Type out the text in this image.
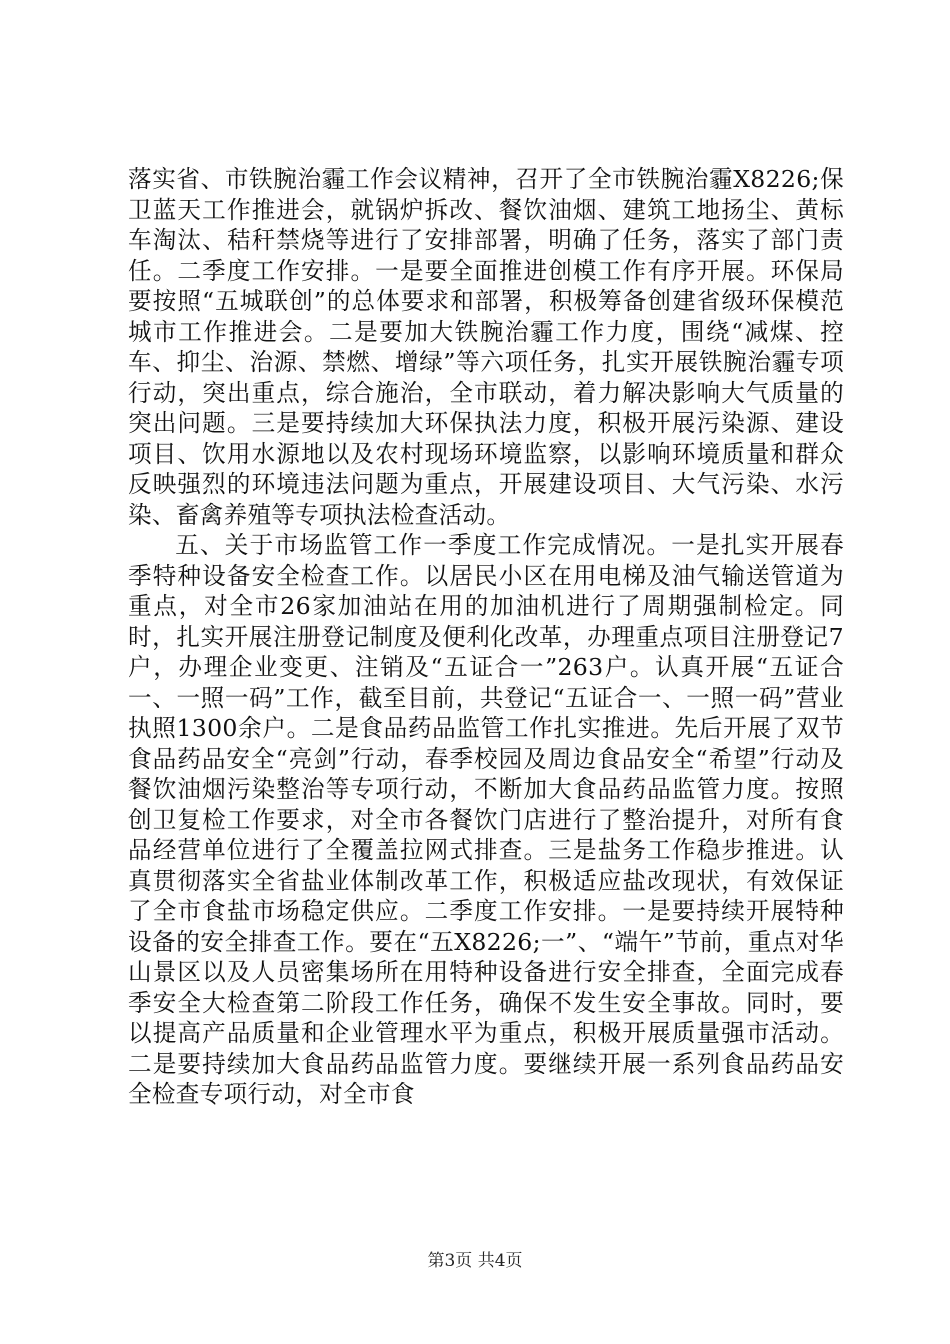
落实省、市铁腕治霾工作会议精神，召开了全市铁腕治霾X8226;保卫蓝天工作推进会，就锅炉拆改、餐饮油烟、建筑工地扬尘、黄标车淘汰、秸秆禁烧等进行了安排部署，明确了任务，落实了部门责任。二季度工作安排。一是要全面推进创模工作有序开展。环保局要按照“五城联创”的总体要求和部署，积极筹备创建省级环保模范城市工作推进会。二是要加大铁腕治霾工作力度，围绕“减煤、控车、抑尘、治源、禁燃、增绿”等六项任务，扎实开展铁腕治霾专项行动，突出重点，综合施治，全市联动，着力解决影响大气质量的突出问题。三是要持续加大环保执法力度，积极开展污染源、建设项目、饮用水源地以及农村现场环境监察，以影响环境质量和群众反映强烈的环境违法问题为重点，开展建设项目、大气污染、水污染、畜禽养殖等专项执法检查活动。

五、关于市场监管工作一季度工作完成情况。一是扎实开展春季特种设备安全检查工作。以居民小区在用电梯及油气输送管道为重点，对全市26家加油站在用的加油机进行了周期强制检定。同时，扎实开展注册登记制度及便利化改革，办理重点项目注册登记7户，办理企业变更、注销及“五证合一”263户。认真开展“五证合一、一照一码”工作，截至目前，共登记“五证合一、一照一码”营业执照1300余户。二是食品药品监管工作扎实推进。先后开展了双节食品药品安全“亮剑”行动，春季校园及周边食品安全“希望”行动及餐饮油烟污染整治等专项行动，不断加大食品药品监管力度。按照创卫复检工作要求，对全市各餐饮门店进行了整治提升，对所有食品经营单位进行了全覆盖拉网式排查。三是盐务工作稳步推进。认真贯彻落实全省盐业体制改革工作，积极适应盐改现状，有效保证了全市食盐市场稳定供应。二季度工作安排。一是要持续开展特种设备的安全排查工作。要在“五X8226;一”、“端午”节前，重点对华山景区以及人员密集场所在用特种设备进行安全排查，全面完成春季安全大检查第二阶段工作任务，确保不发生安全事故。同时，要以提高产品质量和企业管理水平为重点，积极开展质量强市活动。二是要持续加大食品药品监管力度。要继续开展一系列食品药品安全检查专项行动，对全市食

第3页 共4页
